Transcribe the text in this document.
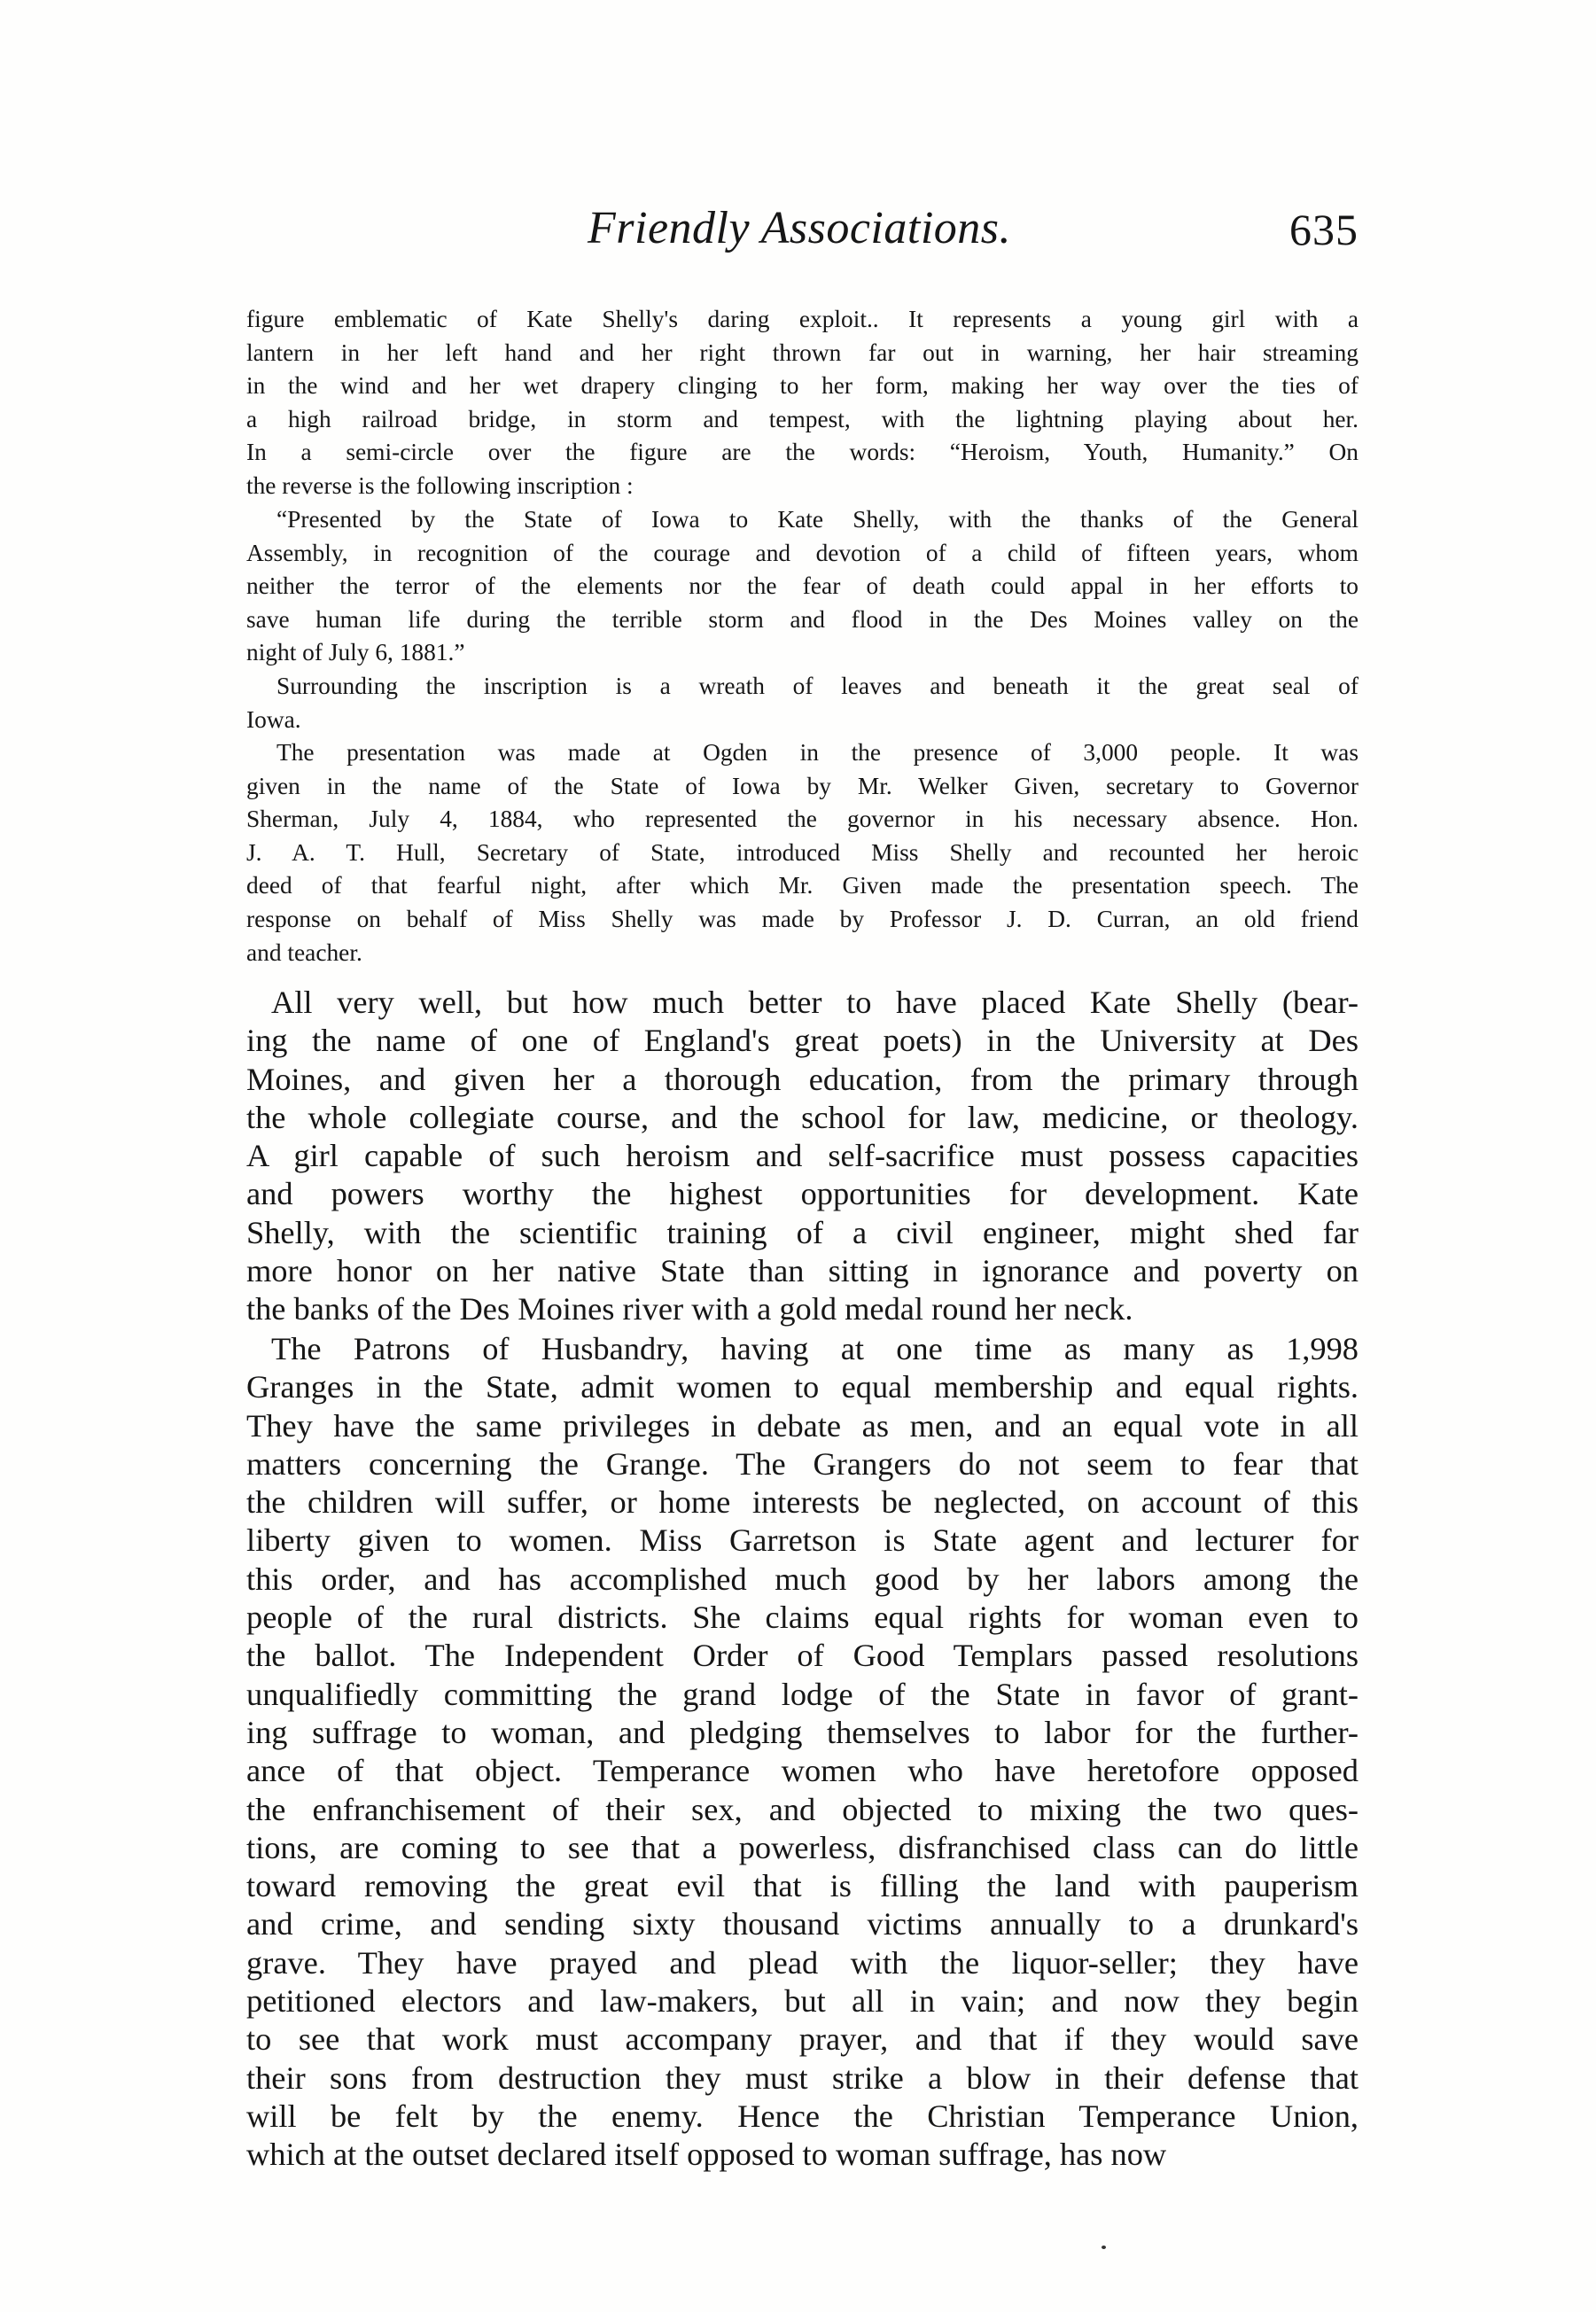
Friendly Associations.	635

figure emblematic of Kate Shelly's daring exploit.. It represents a young girl with a
lantern in her left hand and her right thrown far out in warning, her hair streaming
in the wind and her wet drapery clinging to her form, making her way over the ties of
a high railroad bridge, in storm and tempest, with the lightning playing about her.
In a semi-circle over the figure are the words: “Heroism, Youth, Humanity.” On
the reverse is the following inscription :

“Presented by the State of Iowa to Kate Shelly, with the thanks of the General
Assembly, in recognition of the courage and devotion of a child of fifteen years, whom
neither the terror of the elements nor the fear of death could appal in her efforts to
save human life during the terrible storm and flood in the Des Moines valley on the
night of July 6, 1881.”

Surrounding the inscription is a wreath of leaves and beneath it the great seal of
Iowa.

The presentation was made at Ogden in the presence of 3,000 people. It was
given in the name of the State of Iowa by Mr. Welker Given, secretary to Governor
Sherman, July 4, 1884, who represented the governor in his necessary absence. Hon.
J. A. T. Hull, Secretary of State, introduced Miss Shelly and recounted her heroic
deed of that fearful night, after which Mr. Given made the presentation speech. The
response on behalf of Miss Shelly was made by Professor J. D. Curran, an old friend
and teacher.

All very well, but how much better to have placed Kate Shelly (bear-
ing the name of one of England's great poets) in the University at Des
Moines, and given her a thorough education, from the primary through
the whole collegiate course, and the school for law, medicine, or theology.
A girl capable of such heroism and self-sacrifice must possess capacities
and powers worthy the highest opportunities for development. Kate
Shelly, with the scientific training of a civil engineer, might shed far
more honor on her native State than sitting in ignorance and poverty on
the banks of the Des Moines river with a gold medal round her neck.

The Patrons of Husbandry, having at one time as many as 1,998
Granges in the State, admit women to equal membership and equal rights.
They have the same privileges in debate as men, and an equal vote in all
matters concerning the Grange. The Grangers do not seem to fear that
the children will suffer, or home interests be neglected, on account of this
liberty given to women. Miss Garretson is State agent and lecturer for
this order, and has accomplished much good by her labors among the
people of the rural districts. She claims equal rights for woman even to
the ballot. The Independent Order of Good Templars passed resolutions
unqualifiedly committing the grand lodge of the State in favor of grant-
ing suffrage to woman, and pledging themselves to labor for the further-
ance of that object. Temperance women who have heretofore opposed
the enfranchisement of their sex, and objected to mixing the two ques-
tions, are coming to see that a powerless, disfranchised class can do little
toward removing the great evil that is filling the land with pauperism
and crime, and sending sixty thousand victims annually to a drunkard's
grave. They have prayed and plead with the liquor-seller; they have
petitioned electors and law-makers, but all in vain; and now they begin
to see that work must accompany prayer, and that if they would save
their sons from destruction they must strike a blow in their defense that
will be felt by the enemy. Hence the Christian Temperance Union,
which at the outset declared itself opposed to woman suffrage, has now
